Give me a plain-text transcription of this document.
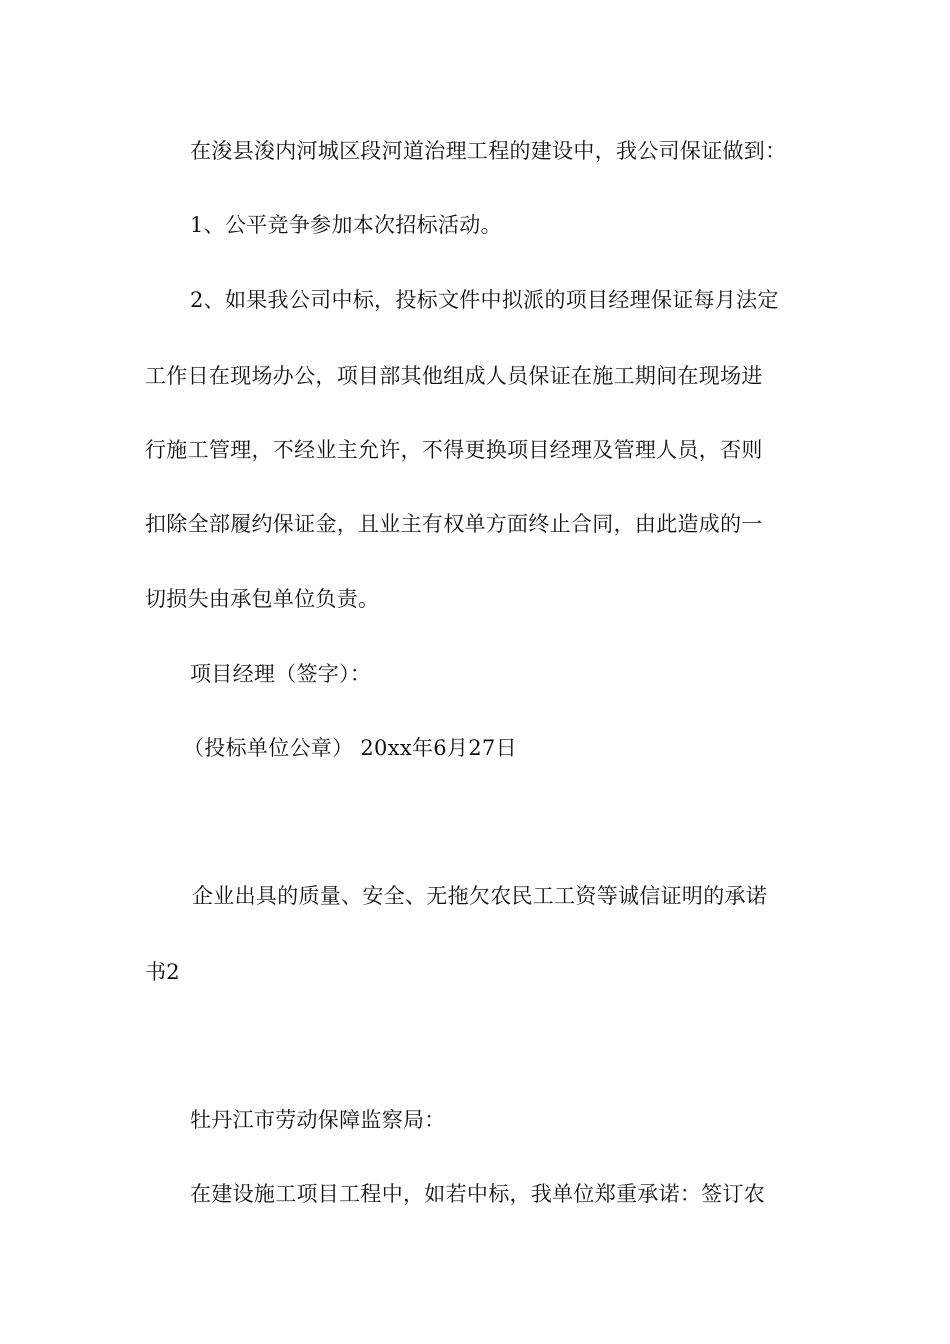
在浚县浚内河城区段河道治理工程的建设中，我公司保证做到：
1、公平竞争参加本次招标活动。
2、如果我公司中标，投标文件中拟派的项目经理保证每月法定
工作日在现场办公，项目部其他组成人员保证在施工期间在现场进
行施工管理，不经业主允许，不得更换项目经理及管理人员，否则
扣除全部履约保证金，且业主有权单方面终止合同，由此造成的一
切损失由承包单位负责。
项目经理（签字）：
（投标单位公章） 20xx年6月27日
企业出具的质量、安全、无拖欠农民工工资等诚信证明的承诺
书2
牡丹江市劳动保障监察局：
在建设施工项目工程中，如若中标，我单位郑重承诺：签订农
